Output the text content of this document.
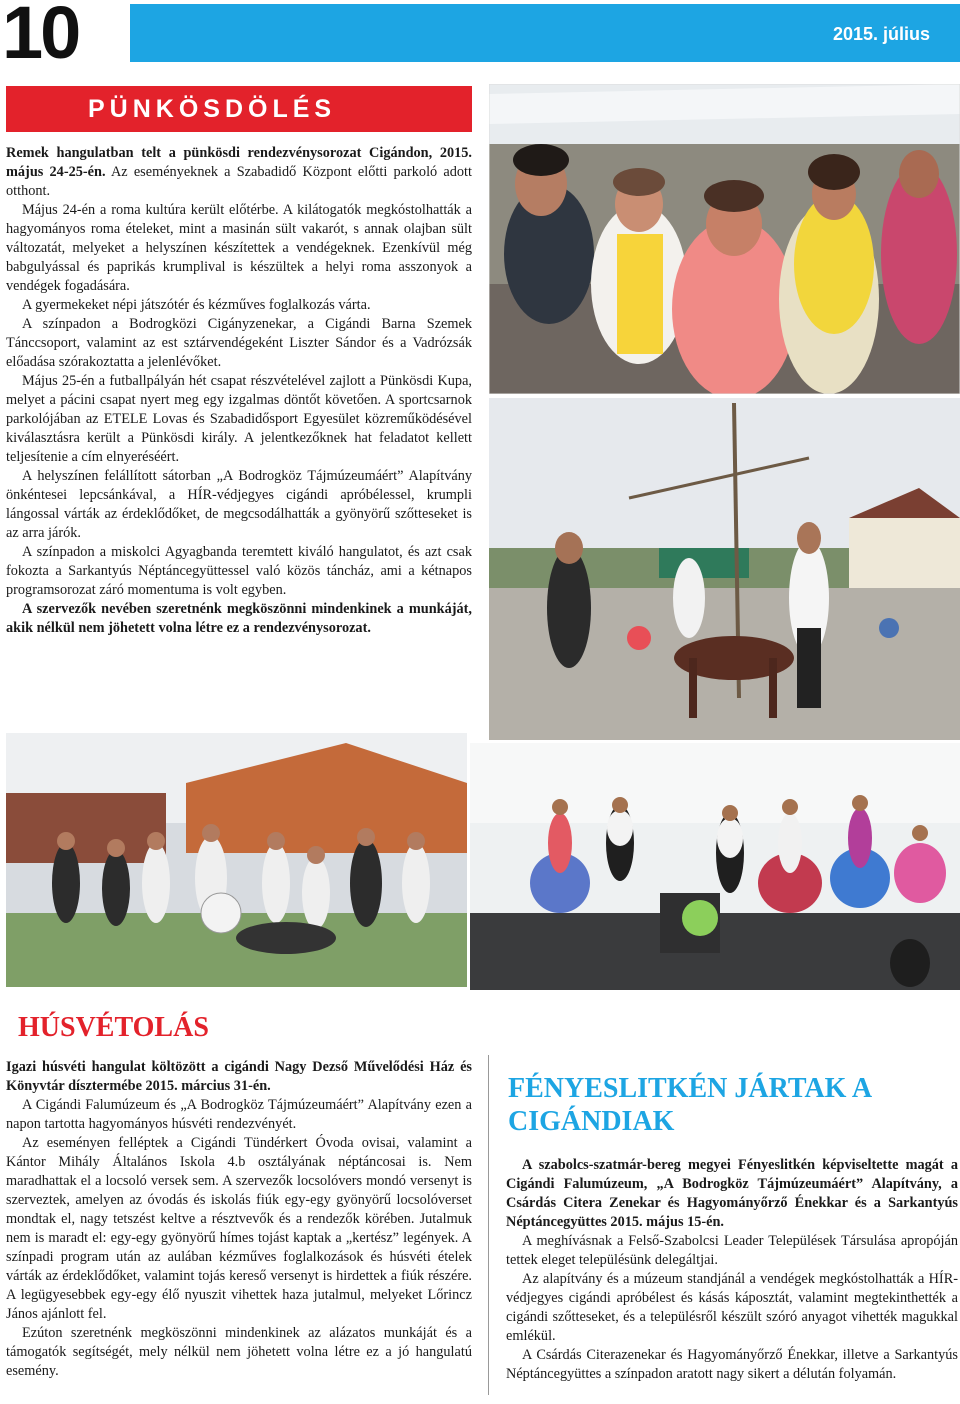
10	2015. július
PÜNKÖSDÖLÉS

Remek hangulatban telt a pünkösdi rendezvénysorozat Cigándon, 2015. május 24-25-én. Az eseményeknek a Szabadidő Központ előtti parkoló adott otthont.

Május 24-én a roma kultúra került előtérbe. A kilátogatók megkóstolhatták a hagyományos roma ételeket, mint a masinán sült vakarót, s annak olajban sült változatát, melyeket a helyszínen készítettek a vendégeknek. Ezenkívül még babgulyással és paprikás krumplival is készültek a helyi roma asszonyok a vendégek fogadására.

A gyermekeket népi játszótér és kézműves foglalkozás várta.

A színpadon a Bodrogközi Cigányzenekar, a Cigándi Barna Szemek Tánccsoport, valamint az est sztárvendégeként Liszter Sándor és a Vadrózsák előadása szórakoztatta a jelenlévőket.

Május 25-én a futballpályán hét csapat részvételével zajlott a Pünkösdi Kupa, melyet a pácini csapat nyert meg egy izgalmas döntőt követően. A sportcsarnok parkolójában az ETELE Lovas és Szabadidősport Egyesület közreműködésével kiválasztásra került a Pünkösdi király. A jelentkezőknek hat feladatot kellett teljesítenie a cím elnyeréséért.

A helyszínen felállított sátorban „A Bodrogköz Tájmúzeumáért” Alapítvány önkéntesei lepcsánkával, a HÍR-védjegyes cigándi apróbélessel, krumpli lángossal várták az érdeklődőket, de megcsodálhatták a gyönyörű szőtteseket is az arra járók.

A színpadon a miskolci Agyagbanda teremtett kiváló hangulatot, és azt csak fokozta a Sarkantyús Néptáncegyüttessel való közös táncház, ami a kétnapos programsorozat záró momentuma is volt egyben.

A szervezők nevében szeretnénk megköszönni mindenkinek a munkáját, akik nélkül nem jöhetett volna létre ez a rendezvénysorozat.

HÚSVÉTOLÁS

Igazi húsvéti hangulat költözött a cigándi Nagy Dezső Művelődési Ház és Könyvtár dísztermébe 2015. március 31-én.

A Cigándi Falumúzeum és „A Bodrogköz Tájmúzeumáért” Alapítvány ezen a napon tartotta hagyományos húsvéti rendezvényét.

Az eseményen felléptek a Cigándi Tündérkert Óvoda ovisai, valamint a Kántor Mihály Általános Iskola 4.b osztályának néptáncosai is. Nem maradhattak el a locsoló versek sem. A szervezők locsolóvers mondó versenyt is szerveztek, amelyen az óvodás és iskolás fiúk egy-egy gyönyörű locsolóverset mondtak el, nagy tetszést keltve a résztvevők és a rendezők körében. Jutalmuk nem is maradt el: egy-egy gyönyörű hímes tojást kaptak a „kertész” legények. A színpadi program után az aulában kézműves foglalkozások és húsvéti ételek várták az érdeklődőket, valamint tojás kereső versenyt is hirdettek a fiúk részére. A legügyesebbek egy-egy élő nyuszit vihettek haza jutalmul, melyeket Lőrincz János ajánlott fel.

Ezúton szeretnénk megköszönni mindenkinek az alázatos munkáját és a támogatók segítségét, mely nélkül nem jöhetett volna létre ez a jó hangulatú esemény.

FÉNYESLITKÉN JÁRTAK A CIGÁNDIAK

A szabolcs-szatmár-bereg megyei Fényeslitkén képviseltette magát a Cigándi Falumúzeum, „A Bodrogköz Tájmúzeumáért” Alapítvány, a Csárdás Citera Zenekar és Hagyományőrző Énekkar és a Sarkantyús Néptáncegyüttes 2015. május 15-én.

A meghívásnak a Felső-Szabolcsi Leader Települések Társulása apropóján tettek eleget településünk delegáltjai.

Az alapítvány és a múzeum standjánál a vendégek megkóstolhatták a HÍR-védjegyes cigándi apróbélest és kásás káposztát, valamint megtekinthették a cigándi szőtteseket, és a településről készült szóró anyagot vihették magukkal emlékül.

A Csárdás Citerazenekar és Hagyományőrző Énekkar, illetve a Sarkantyús Néptáncegyüttes a színpadon aratott nagy sikert a délután folyamán.
